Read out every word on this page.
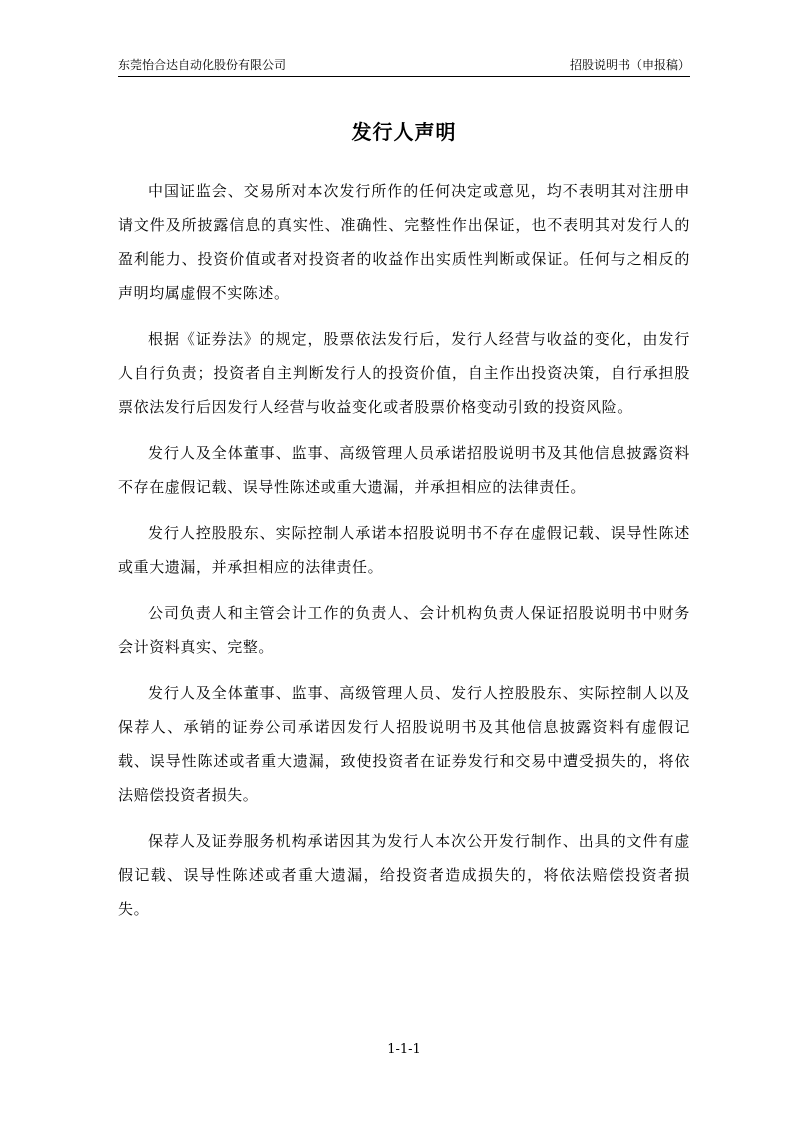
东莞怡合达自动化股份有限公司	招股说明书（申报稿）
发行人声明

中国证监会、交易所对本次发行所作的任何决定或意见，均不表明其对注册申请文件及所披露信息的真实性、准确性、完整性作出保证，也不表明其对发行人的盈利能力、投资价值或者对投资者的收益作出实质性判断或保证。任何与之相反的声明均属虚假不实陈述。

根据《证券法》的规定，股票依法发行后，发行人经营与收益的变化，由发行人自行负责；投资者自主判断发行人的投资价值，自主作出投资决策，自行承担股票依法发行后因发行人经营与收益变化或者股票价格变动引致的投资风险。

发行人及全体董事、监事、高级管理人员承诺招股说明书及其他信息披露资料不存在虚假记载、误导性陈述或重大遗漏，并承担相应的法律责任。

发行人控股股东、实际控制人承诺本招股说明书不存在虚假记载、误导性陈述或重大遗漏，并承担相应的法律责任。

公司负责人和主管会计工作的负责人、会计机构负责人保证招股说明书中财务会计资料真实、完整。

发行人及全体董事、监事、高级管理人员、发行人控股股东、实际控制人以及保荐人、承销的证券公司承诺因发行人招股说明书及其他信息披露资料有虚假记载、误导性陈述或者重大遗漏，致使投资者在证券发行和交易中遭受损失的，将依法赔偿投资者损失。

保荐人及证券服务机构承诺因其为发行人本次公开发行制作、出具的文件有虚假记载、误导性陈述或者重大遗漏，给投资者造成损失的，将依法赔偿投资者损失。

1-1-1
